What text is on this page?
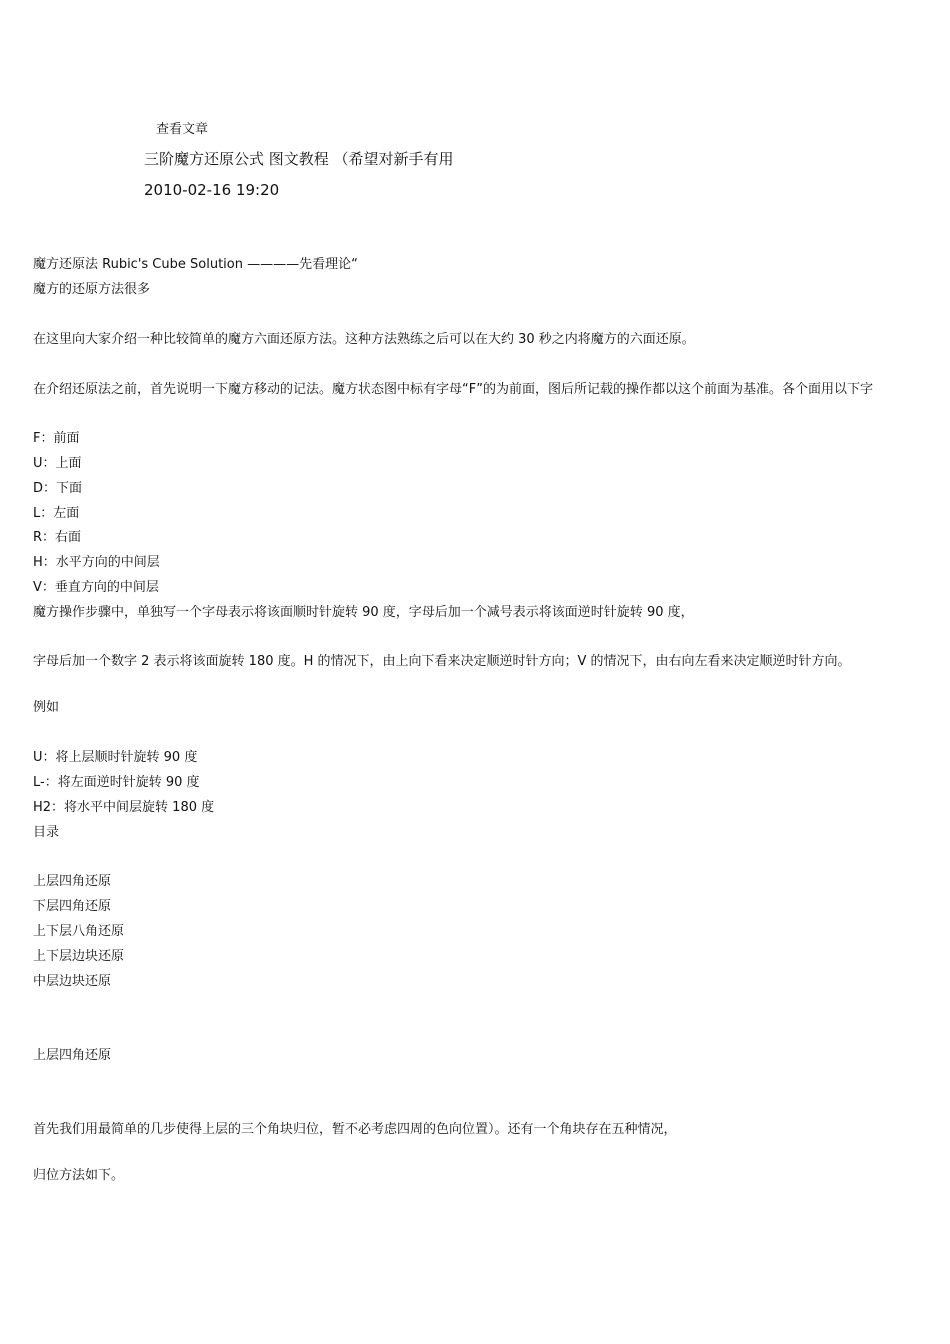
查看文章
三阶魔方还原公式 图文教程 （希望对新手有用
2010-02-16 19:20
魔方还原法 Rubic's Cube Solution ————先看理论“
魔方的还原方法很多
在这里向大家介绍一种比较简单的魔方六面还原方法。这种方法熟练之后可以在大约 30 秒之内将魔方的六面还原。
在介绍还原法之前，首先说明一下魔方移动的记法。魔方状态图中标有字母“F”的为前面，图后所记载的操作都以这个前面为基准。各个面用以下字
F：前面
U：上面
D：下面
L：左面
R：右面
H：水平方向的中间层
V：垂直方向的中间层
魔方操作步骤中，单独写一个字母表示将该面顺时针旋转 90 度，字母后加一个减号表示将该面逆时针旋转 90 度，
字母后加一个数字 2 表示将该面旋转 180 度。H 的情况下，由上向下看来决定顺逆时针方向；V 的情况下，由右向左看来决定顺逆时针方向。
例如
U：将上层顺时针旋转 90 度
L-：将左面逆时针旋转 90 度
H2：将水平中间层旋转 180 度
目录
上层四角还原
下层四角还原
上下层八角还原
上下层边块还原
中层边块还原
上层四角还原
首先我们用最简单的几步使得上层的三个角块归位，暂不必考虑四周的色向位置）。还有一个角块存在五种情况，
归位方法如下。
